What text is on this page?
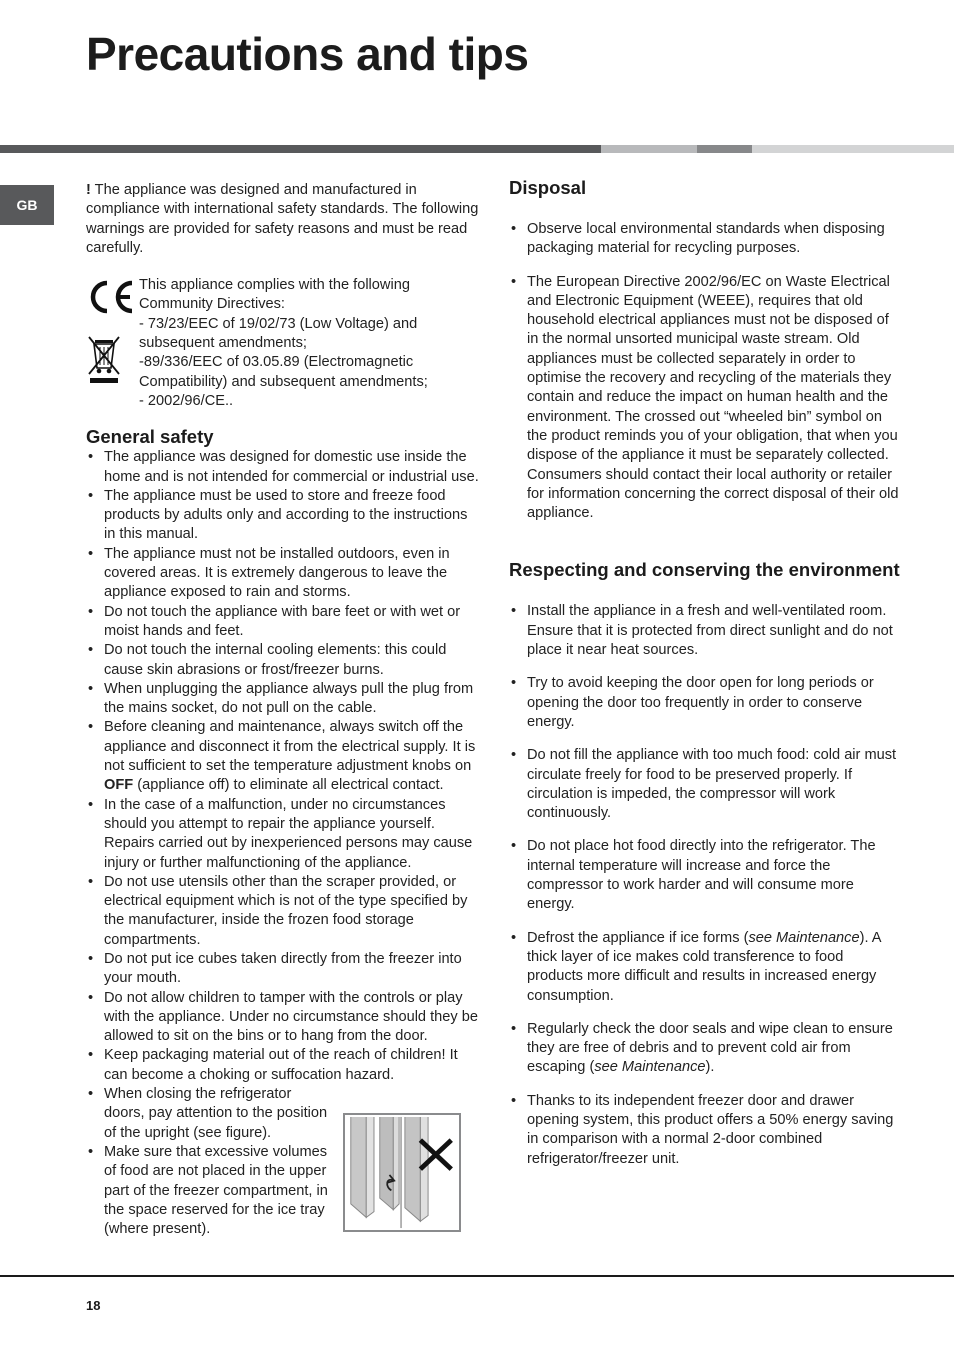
Precautions and tips
GB

! The appliance was designed and manufactured in compliance with international safety standards. The following warnings are provided for safety reasons and must be read carefully.

This appliance complies with the following Community Directives:

- 73/23/EEC of 19/02/73 (Low Voltage) and subsequent amendments;

-89/336/EEC of 03.05.89 (Electromagnetic Compatibility) and subsequent amendments;

- 2002/96/CE..

General safety
• The appliance was designed for domestic use inside the home and is not intended for commercial or industrial use.
• The appliance must be used to store and freeze food products by adults only and according to the instructions in this manual.
• The appliance must not be installed outdoors, even in covered areas. It is extremely dangerous to leave the appliance exposed to rain and storms.
• Do not touch the appliance with bare feet or with wet or moist hands and feet.
• Do not touch the internal cooling elements: this could cause skin abrasions or frost/freezer burns.
• When unplugging the appliance always pull the plug from the mains socket, do not pull on the cable.
• Before cleaning and maintenance, always switch off the appliance and disconnect it from the electrical supply. It is not sufficient to set the temperature adjustment knobs on OFF (appliance off) to eliminate all electrical contact.
• In the case of a malfunction, under no circumstances should you attempt to repair the appliance yourself. Repairs carried out by inexperienced persons may cause injury or further malfunctioning of the appliance.
• Do not use utensils other than the scraper provided, or electrical equipment which is not of the type specified by the manufacturer, inside the frozen food storage compartments.
• Do not put ice cubes taken directly from the freezer into your mouth.
• Do not allow children to tamper with the controls or play with the appliance. Under no circumstance should they be allowed to sit on the bins or to hang from the door.
• Keep packaging material out of the reach of children! It can become a choking or suffocation hazard.
• When closing the refrigerator doors, pay attention to the position of the upright (see figure).
• Make sure that excessive volumes of food are not placed in the upper part of the freezer compartment, in the space reserved for the ice tray (where present).
Disposal
• Observe local environmental standards when disposing packaging material for recycling purposes.
• The European Directive 2002/96/EC on Waste Electrical and Electronic Equipment (WEEE), requires that old household electrical appliances must not be disposed of in the normal unsorted municipal waste stream. Old appliances must be collected separately in order to optimise the recovery and recycling of the materials they contain and reduce the impact on human health and the environment. The crossed out “wheeled bin” symbol on the product reminds you of your obligation, that when you dispose of the appliance it must be separately collected. Consumers should contact their local authority or retailer for information concerning the correct disposal of their old appliance.
Respecting and conserving the environment
• Install the appliance in a fresh and well-ventilated room. Ensure that it is protected from direct sunlight and do not place it near heat sources.
• Try to avoid keeping the door open for long periods or opening the door too frequently in order to conserve energy.
• Do not fill the appliance with too much food: cold air must circulate freely for food to be preserved properly. If circulation is impeded, the compressor will work continuously.
• Do not place hot food directly into the refrigerator. The internal temperature will increase and force the compressor to work harder and will consume more energy.
• Defrost the appliance if ice forms (see Maintenance). A thick layer of ice makes cold transference to food products more difficult and results in increased energy consumption.
• Regularly check the door seals and wipe clean to ensure they are free of debris and to prevent cold air from escaping (see Maintenance).
• Thanks to its independent freezer door and drawer opening system, this product offers a 50% energy saving in comparison with a normal 2-door combined refrigerator/freezer unit.
18
